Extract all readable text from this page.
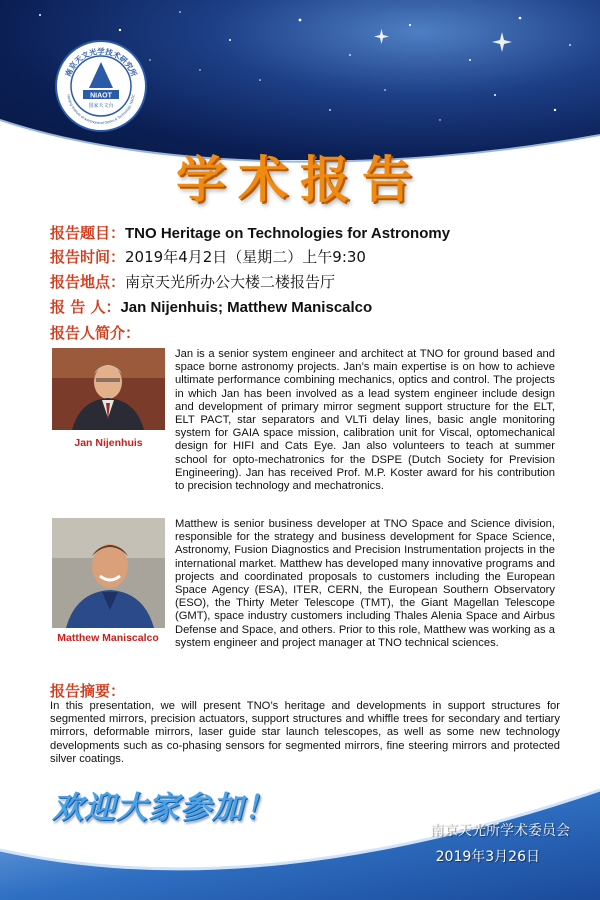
NIAOT
国家天文台
南京天文光学技术研究所
Nanjing Institute of Astronomical Optics & Technology, NAOC
学术报告
报告题目：TNO Heritage on Technologies for Astronomy
报告时间：2019年4月2日（星期二）上午9:30
报告地点：南京天光所办公大楼二楼报告厅
报 告 人：Jan Nijenhuis; Matthew Maniscalco
报告人简介：
Jan Nijenhuis
Jan is a senior system engineer and architect at TNO for ground based and space borne astronomy projects. Jan’s main expertise is on how to achieve ultimate performance combining mechanics, optics and control. The projects in which Jan has been involved as a lead system engineer include design and development of primary mirror segment support structure for the ELT, ELT PACT, star separators and VLTi delay lines, basic angle monitoring system for GAIA space mission, calibration unit for Viscal, optomechanical design for HIFI and Cats Eye. Jan also volunteers to teach at summer school for opto-mechatronics for the DSPE (Dutch Society for Prevision Engineering). Jan has received Prof. M.P. Koster award for his contribution to precision technology and mechatronics.
Matthew Maniscalco
Matthew is senior business developer at TNO Space and Science division, responsible for the strategy and business development for Space Science, Astronomy, Fusion Diagnostics and Precision Instrumentation projects in the international market. Matthew has developed many innovative programs and projects and coordinated proposals to customers including the European Space Agency (ESA), ITER, CERN, the European Southern Observatory (ESO), the Thirty Meter Telescope (TMT), the Giant Magellan Telescope (GMT), space industry customers including Thales Alenia Space and Airbus Defense and Space, and others. Prior to this role, Matthew was working as a system engineer and project manager at TNO technical sciences.
报告摘要：
In this presentation, we will present TNO’s heritage and developments in support structures for segmented mirrors, precision actuators, support structures and whiffle trees for secondary and tertiary mirrors, deformable mirrors, laser guide star launch telescopes, as well as some new technology developments such as co-phasing sensors for segmented mirrors, fine steering mirrors and protected silver coatings.
欢迎大家参加！
南京天光所学术委员会
2019年3月26日
